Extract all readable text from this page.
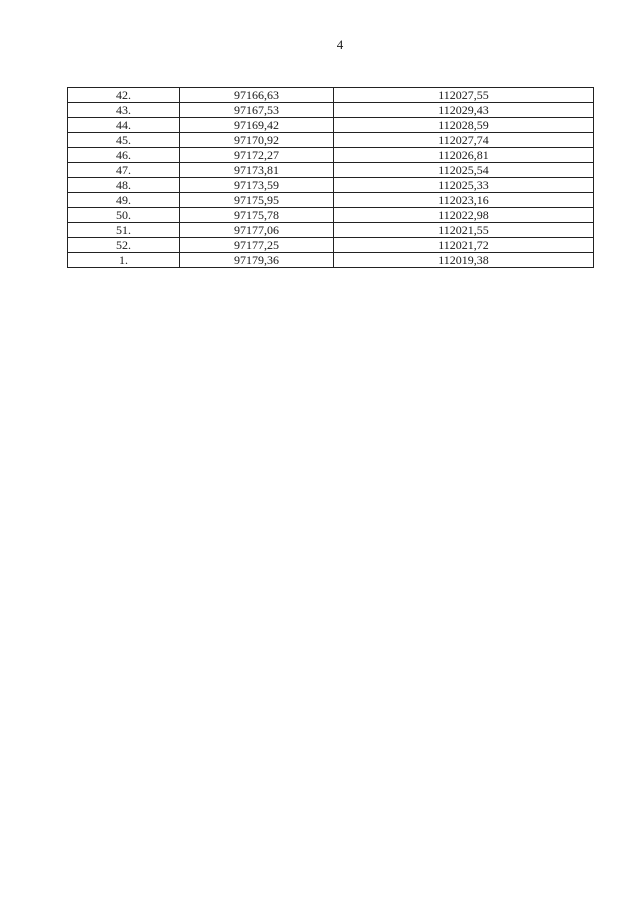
4
42.	97166,63	112027,55
43.	97167,53	112029,43
44.	97169,42	112028,59
45.	97170,92	112027,74
46.	97172,27	112026,81
47.	97173,81	112025,54
48.	97173,59	112025,33
49.	97175,95	112023,16
50.	97175,78	112022,98
51.	97177,06	112021,55
52.	97177,25	112021,72
1.	97179,36	112019,38
